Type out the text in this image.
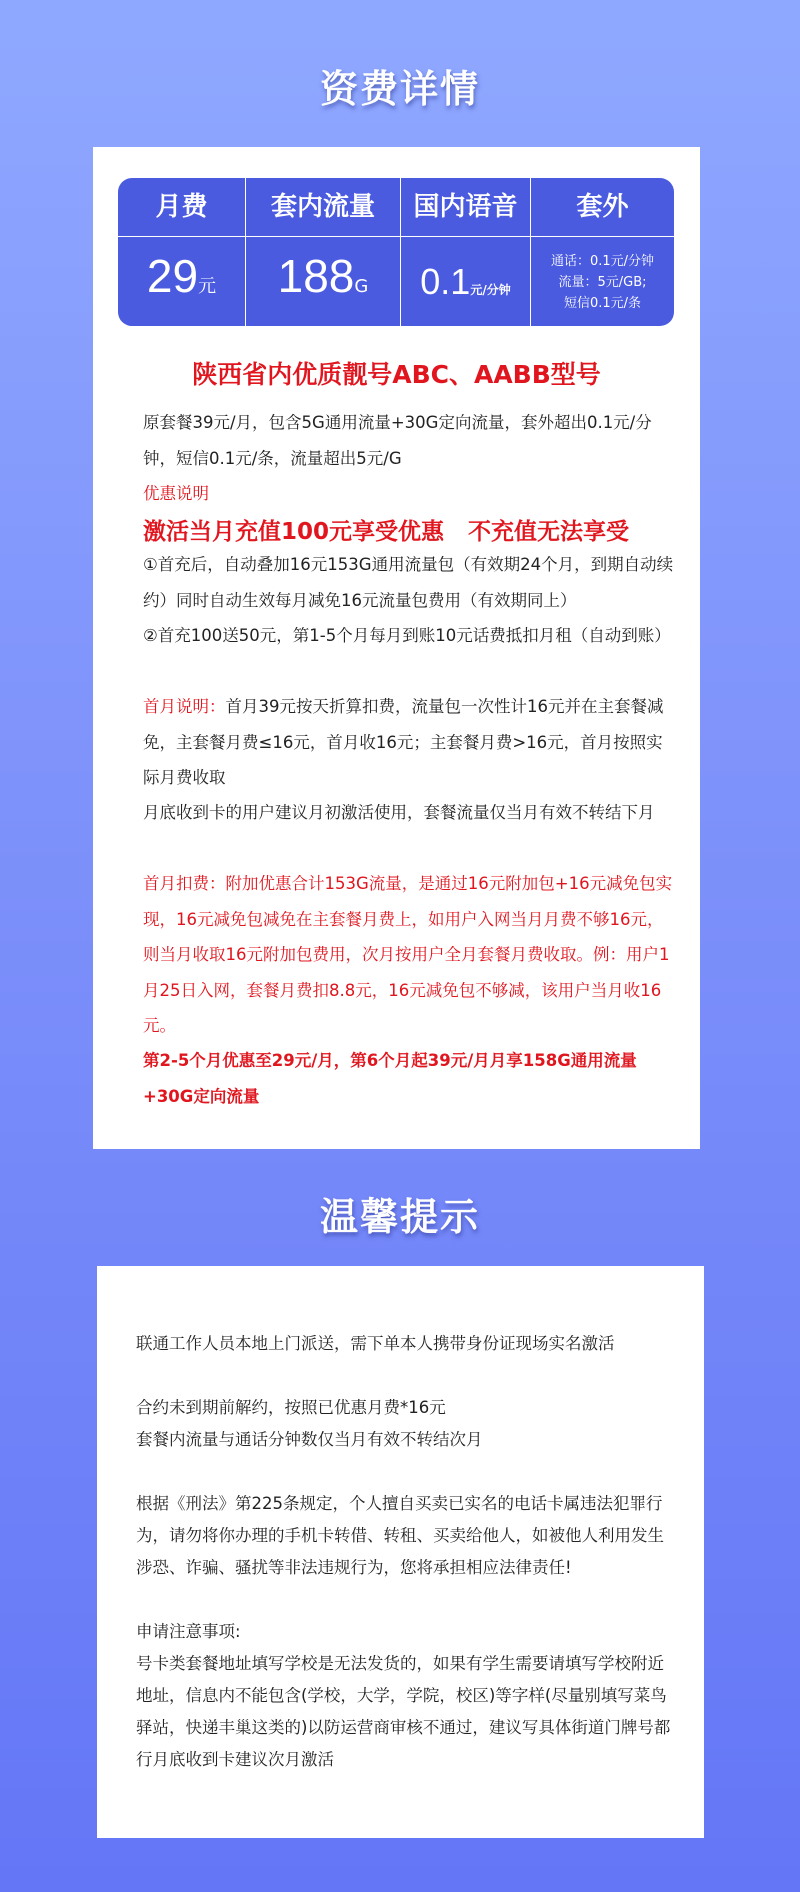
资费详情
月费
29元
套内流量
188G
国内语音
0.1元/分钟
套外
通话：0.1元/分钟
流量：5元/GB;
短信0.1元/条
陕西省内优质靓号ABC、AABB型号
原套餐39元/月，包含5G通用流量+30G定向流量，套外超出0.1元/分钟，短信0.1元/条，流量超出5元/G
优惠说明
激活当月充值100元享受优惠   不充值无法享受
①首充后，自动叠加16元153G通用流量包（有效期24个月，到期自动续约）同时自动生效每月减免16元流量包费用（有效期同上）
②首充100送50元，第1-5个月每月到账10元话费抵扣月租（自动到账）
首月说明：首月39元按天折算扣费，流量包一次性计16元并在主套餐减免，主套餐月费≤16元，首月收16元；主套餐月费>16元，首月按照实际月费收取
月底收到卡的用户建议月初激活使用，套餐流量仅当月有效不转结下月
首月扣费：附加优惠合计153G流量，是通过16元附加包+16元减免包实现，16元减免包减免在主套餐月费上，如用户入网当月月费不够16元，则当月收取16元附加包费用，次月按用户全月套餐月费收取。例：用户1月25日入网，套餐月费扣8.8元，16元减免包不够减，该用户当月收16元。
第2-5个月优惠至29元/月，第6个月起39元/月月享158G通用流量+30G定向流量
温馨提示
联通工作人员本地上门派送，需下单本人携带身份证现场实名激活
合约未到期前解约，按照已优惠月费*16元
套餐内流量与通话分钟数仅当月有效不转结次月
根据《刑法》第225条规定，个人擅自买卖已实名的电话卡属违法犯罪行为，请勿将你办理的手机卡转借、转租、买卖给他人，如被他人利用发生涉恐、诈骗、骚扰等非法违规行为，您将承担相应法律责任!
申请注意事项:
号卡类套餐地址填写学校是无法发货的，如果有学生需要请填写学校附近地址，信息内不能包含(学校，大学，学院，校区)等字样(尽量别填写菜鸟驿站，快递丰巢这类的)以防运营商审核不通过，建议写具体街道门牌号都行月底收到卡建议次月激活
